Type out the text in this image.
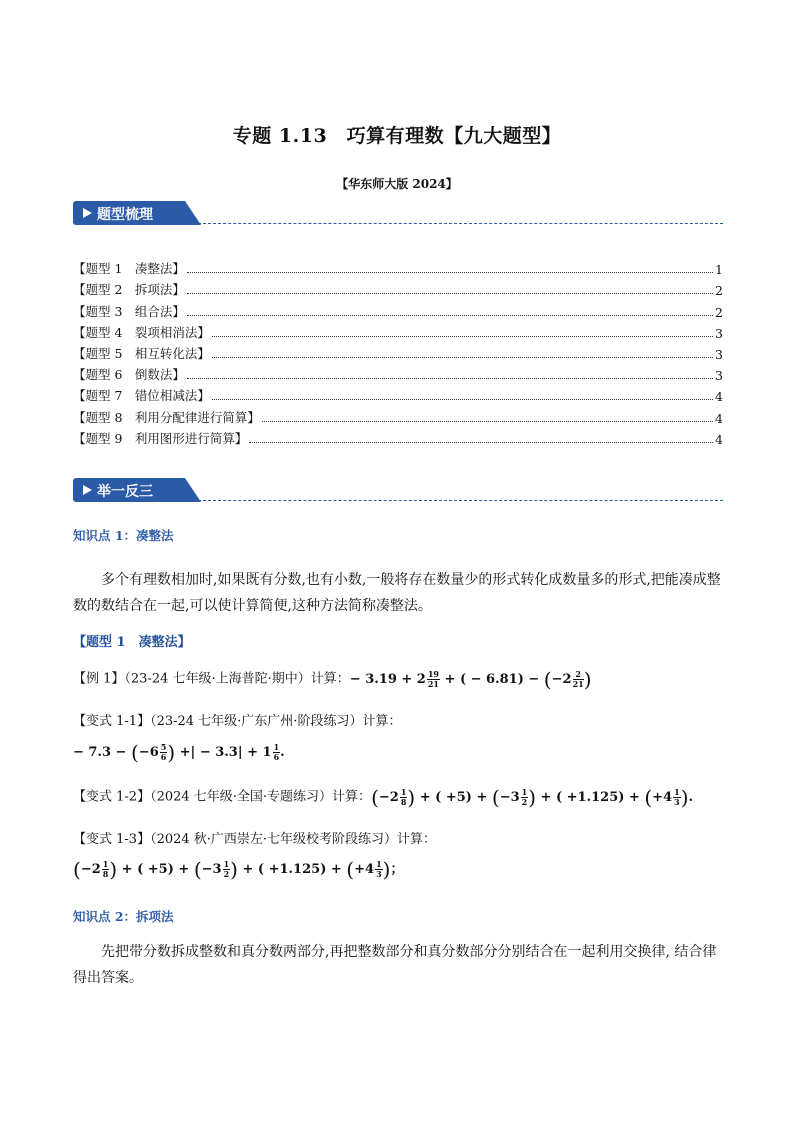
专题 1.13　巧算有理数【九大题型】
【华东师大版 2024】
题型梳理
【题型 1　凑整法】	1
【题型 2　拆项法】	2
【题型 3　组合法】	2
【题型 4　裂项相消法】	3
【题型 5　相互转化法】	3
【题型 6　倒数法】	3
【题型 7　错位相减法】	4
【题型 8　利用分配律进行简算】	4
【题型 9　利用图形进行简算】	4
举一反三
知识点 1：凑整法
多个有理数相加时,如果既有分数,也有小数,一般将存在数量少的形式转化成数量多的形式,把能凑成整数的数结合在一起,可以使计算简便,这种方法简称凑整法。
【题型 1　凑整法】
【例 1】（23-24 七年级·上海普陀·期中）计算：− $3.19 + 2 \frac{19}{21}$ + ( − $6.81) - (-2 \frac{2}{21}$ )
【变式 1-1】（23-24 七年级·广东广州·阶段练习）计算：
− $7.3 - (-6 \frac{5}{6}$ ) +| − $3.3| + 1 \frac{1}{6}$ .
【变式 1-2】（2024 七年级·全国·专题练习）计算：($-2 \frac{1}{8}$ ) + ( $+5) + (-3 \frac{1}{2}$ ) + ( $+1.125) + (+4 \frac{1}{3}$ ).
【变式 1-3】（2024 秋·广西崇左·七年级校考阶段练习）计算：
($-2 \frac{1}{8}$ ) + ( $+5) + (-3 \frac{1}{2}$ ) + ( $+1.125) + (+4 \frac{1}{3}$ )；
知识点 2：拆项法
先把带分数拆成整数和真分数两部分,再把整数部分和真分数部分分别结合在一起利用交换律, 结合律得出答案。
